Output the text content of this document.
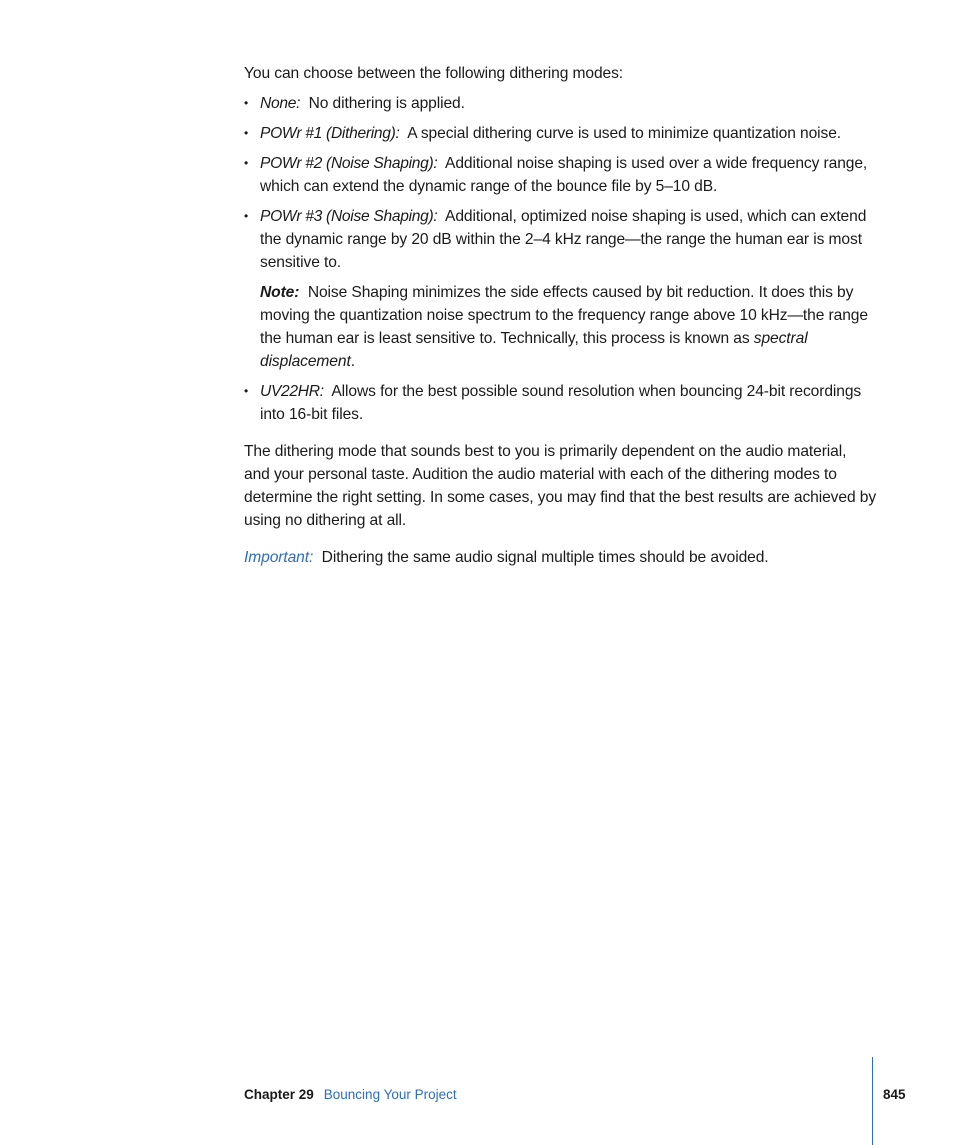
You can choose between the following dithering modes:

• None: No dithering is applied.
• POWr #1 (Dithering): A special dithering curve is used to minimize quantization noise.
• POWr #2 (Noise Shaping): Additional noise shaping is used over a wide frequency range, which can extend the dynamic range of the bounce file by 5–10 dB.
• POWr #3 (Noise Shaping): Additional, optimized noise shaping is used, which can extend the dynamic range by 20 dB within the 2–4 kHz range—the range the human ear is most sensitive to.

Note: Noise Shaping minimizes the side effects caused by bit reduction. It does this by moving the quantization noise spectrum to the frequency range above 10 kHz—the range the human ear is least sensitive to. Technically, this process is known as spectral displacement.

• UV22HR: Allows for the best possible sound resolution when bouncing 24-bit recordings into 16-bit files.

The dithering mode that sounds best to you is primarily dependent on the audio material, and your personal taste. Audition the audio material with each of the dithering modes to determine the right setting. In some cases, you may find that the best results are achieved by using no dithering at all.

Important: Dithering the same audio signal multiple times should be avoided.

Chapter 29 Bouncing Your Project	845
